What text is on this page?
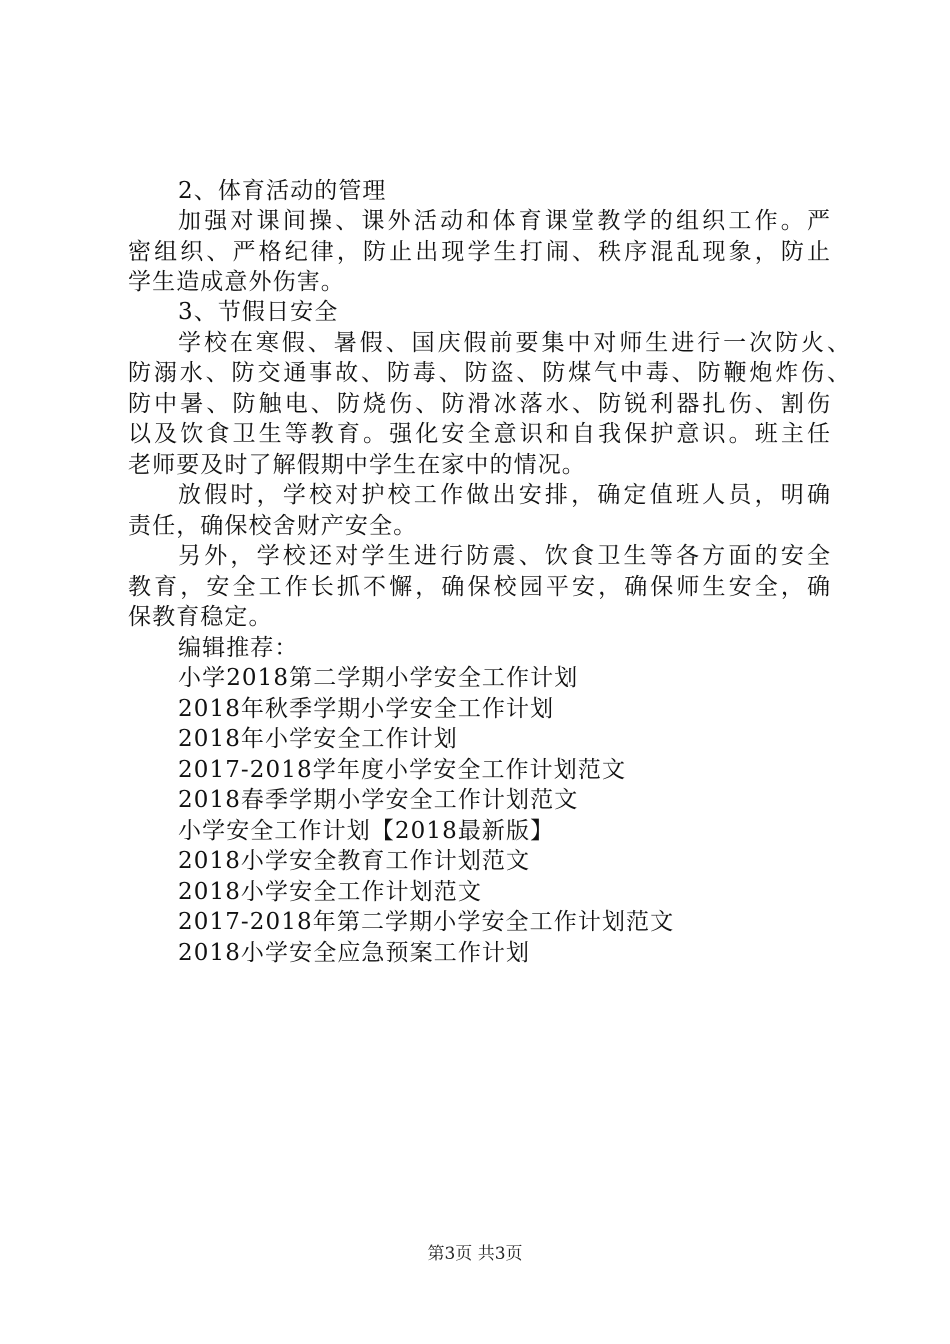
2、体育活动的管理
加强对课间操、课外活动和体育课堂教学的组织工作。严
密组织、严格纪律，防止出现学生打闹、秩序混乱现象，防止
学生造成意外伤害。
3、节假日安全
学校在寒假、暑假、国庆假前要集中对师生进行一次防火、
防溺水、防交通事故、防毒、防盗、防煤气中毒、防鞭炮炸伤、
防中暑、防触电、防烧伤、防滑冰落水、防锐利器扎伤、割伤
以及饮食卫生等教育。强化安全意识和自我保护意识。班主任
老师要及时了解假期中学生在家中的情况。
放假时，学校对护校工作做出安排，确定值班人员，明确
责任，确保校舍财产安全。
另外，学校还对学生进行防震、饮食卫生等各方面的安全
教育，安全工作长抓不懈，确保校园平安，确保师生安全，确
保教育稳定。
编辑推荐：
小学2018第二学期小学安全工作计划
2018年秋季学期小学安全工作计划
2018年小学安全工作计划
2017-2018学年度小学安全工作计划范文
2018春季学期小学安全工作计划范文
小学安全工作计划【2018最新版】
2018小学安全教育工作计划范文
2018小学安全工作计划范文
2017-2018年第二学期小学安全工作计划范文
2018小学安全应急预案工作计划
第3页 共3页
